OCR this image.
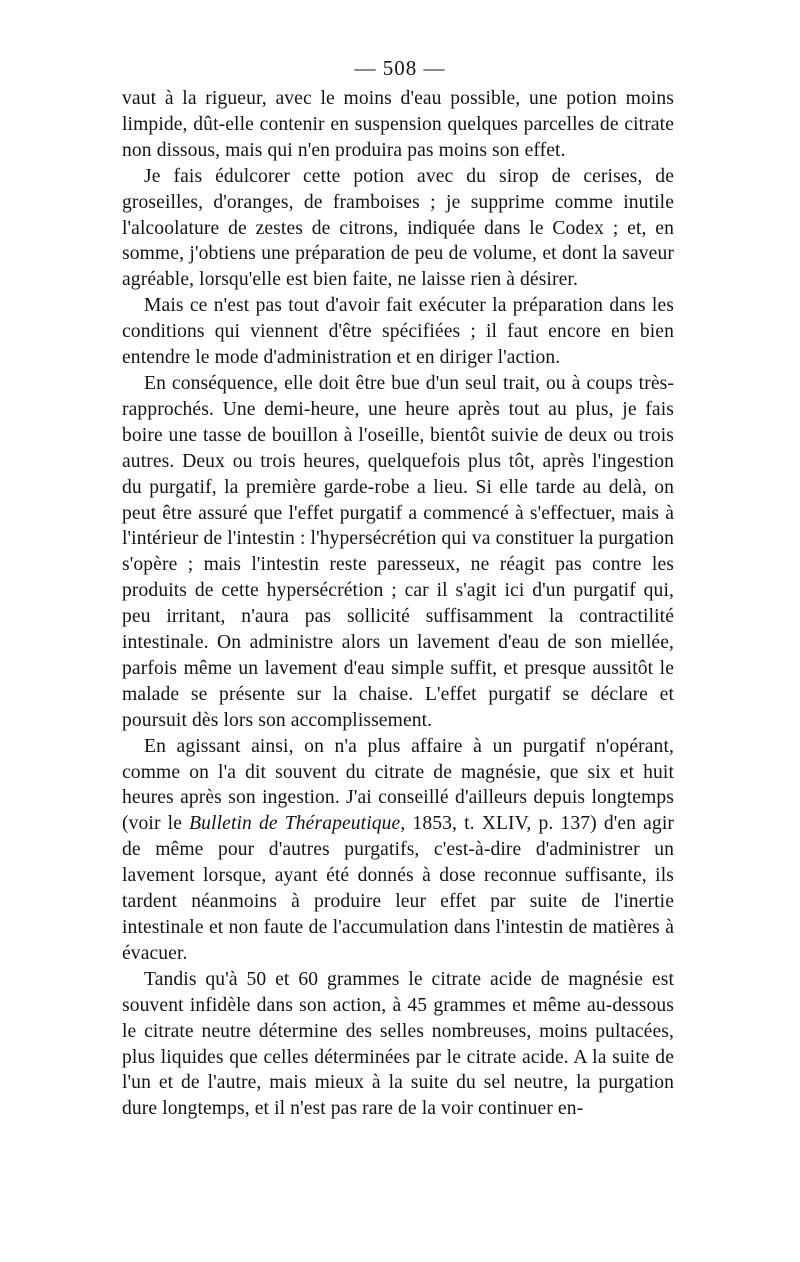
— 508 —

vaut à la rigueur, avec le moins d'eau possible, une potion moins limpide, dût-elle contenir en suspension quelques parcelles de citrate non dissous, mais qui n'en produira pas moins son effet.

Je fais édulcorer cette potion avec du sirop de cerises, de groseilles, d'oranges, de framboises ; je supprime comme inutile l'alcoolature de zestes de citrons, indiquée dans le Codex ; et, en somme, j'obtiens une préparation de peu de volume, et dont la saveur agréable, lorsqu'elle est bien faite, ne laisse rien à désirer.

Mais ce n'est pas tout d'avoir fait exécuter la préparation dans les conditions qui viennent d'être spécifiées ; il faut encore en bien entendre le mode d'administration et en diriger l'action.

En conséquence, elle doit être bue d'un seul trait, ou à coups très-rapprochés. Une demi-heure, une heure après tout au plus, je fais boire une tasse de bouillon à l'oseille, bientôt suivie de deux ou trois autres. Deux ou trois heures, quelquefois plus tôt, après l'ingestion du purgatif, la première garde-robe a lieu. Si elle tarde au delà, on peut être assuré que l'effet purgatif a commencé à s'effectuer, mais à l'intérieur de l'intestin : l'hypersécrétion qui va constituer la purgation s'opère ; mais l'intestin reste paresseux, ne réagit pas contre les produits de cette hypersécrétion ; car il s'agit ici d'un purgatif qui, peu irritant, n'aura pas sollicité suffisamment la contractilité intestinale. On administre alors un lavement d'eau de son miellée, parfois même un lavement d'eau simple suffit, et presque aussitôt le malade se présente sur la chaise. L'effet purgatif se déclare et poursuit dès lors son accomplissement.

En agissant ainsi, on n'a plus affaire à un purgatif n'opérant, comme on l'a dit souvent du citrate de magnésie, que six et huit heures après son ingestion. J'ai conseillé d'ailleurs depuis longtemps (voir le Bulletin de Thérapeutique, 1853, t. XLIV, p. 137) d'en agir de même pour d'autres purgatifs, c'est-à-dire d'administrer un lavement lorsque, ayant été donnés à dose reconnue suffisante, ils tardent néanmoins à produire leur effet par suite de l'inertie intestinale et non faute de l'accumulation dans l'intestin de matières à évacuer.

Tandis qu'à 50 et 60 grammes le citrate acide de magnésie est souvent infidèle dans son action, à 45 grammes et même au-dessous le citrate neutre détermine des selles nombreuses, moins pultacées, plus liquides que celles déterminées par le citrate acide. A la suite de l'un et de l'autre, mais mieux à la suite du sel neutre, la purgation dure longtemps, et il n'est pas rare de la voir continuer en-
